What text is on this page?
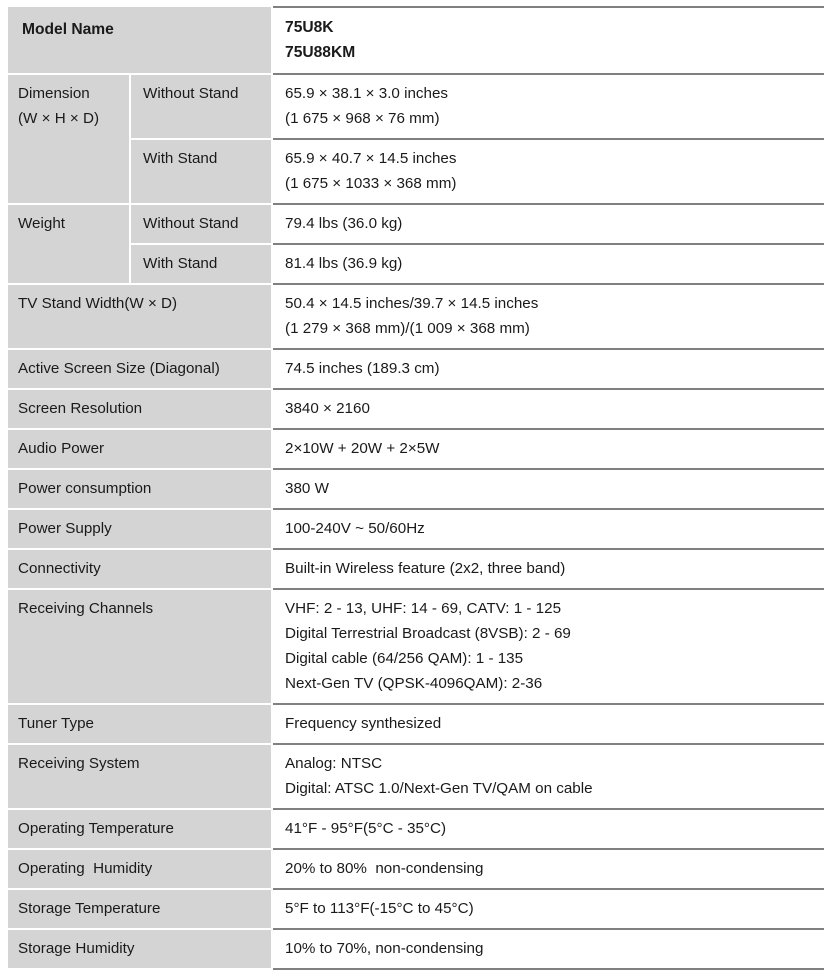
Model Name		75U8K
75U88KM

Dimension
(W × H × D)	Without Stand	65.9 × 38.1 × 3.0 inches
(1 675 × 968 × 76 mm)

	With Stand	65.9 × 40.7 × 14.5 inches
(1 675 × 1033 × 368 mm)

Weight	Without Stand	79.4 lbs (36.0 kg)

	With Stand	81.4 lbs (36.9 kg)

TV Stand Width(W × D)		50.4 × 14.5 inches/39.7 × 14.5 inches
(1 279 × 368 mm)/(1 009 × 368 mm)

Active Screen Size (Diagonal)		74.5 inches (189.3 cm)

Screen Resolution		3840 × 2160

Audio Power		2×10W + 20W + 2×5W

Power consumption		380 W

Power Supply		100-240V ~ 50/60Hz

Connectivity		Built-in Wireless feature (2x2, three band)

Receiving Channels		VHF: 2 - 13, UHF: 14 - 69, CATV: 1 - 125
Digital Terrestrial Broadcast (8VSB): 2 - 69
Digital cable (64/256 QAM): 1 - 135
Next-Gen TV (QPSK-4096QAM): 2-36

Tuner Type		Frequency synthesized

Receiving System		Analog: NTSC
Digital: ATSC 1.0/Next-Gen TV/QAM on cable

Operating Temperature		41°F - 95°F(5°C - 35°C)

Operating  Humidity		20% to 80%  non-condensing

Storage Temperature		5°F to 113°F(-15°C to 45°C)

Storage Humidity		10% to 70%, non-condensing
